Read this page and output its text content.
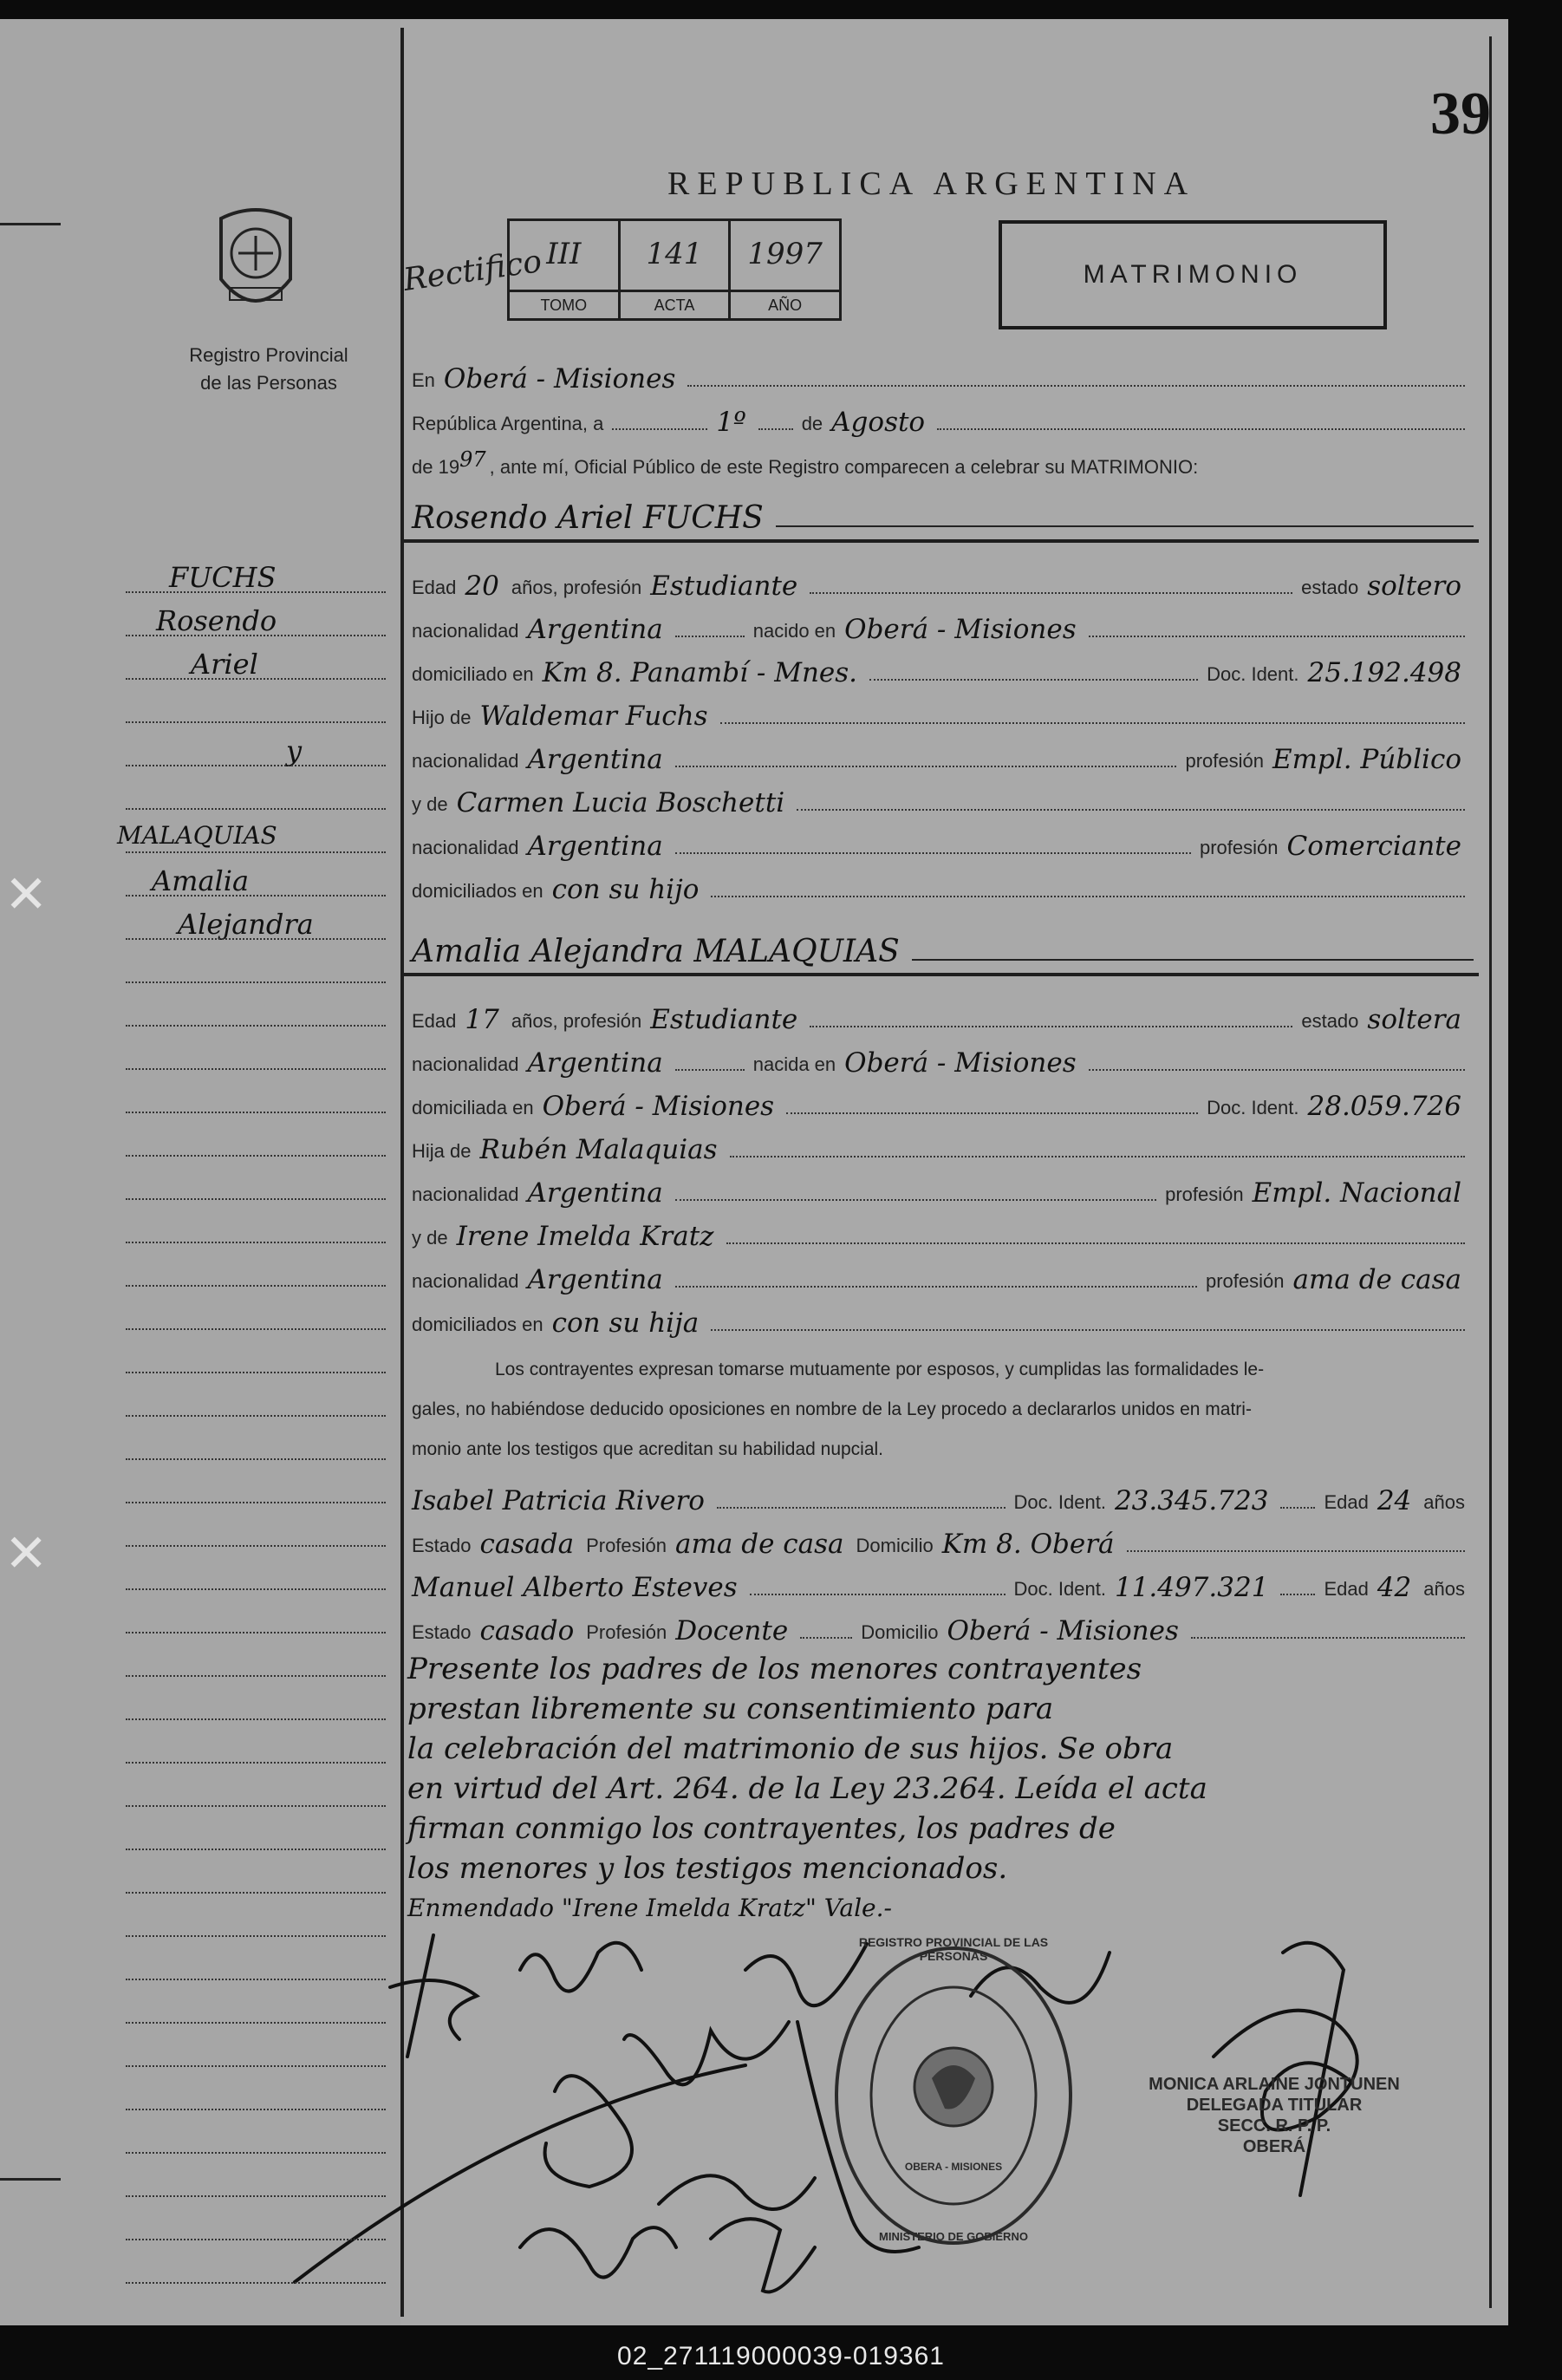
39
REPUBLICA ARGENTINA
Registro Provincial
de las Personas
Rectifico III
TOMO
141
ACTA
1997
AÑO
MATRIMONIO
En Oberá - Misiones
República Argentina, a	1º	de Agosto
de 19 97 , ante mí, Oficial Público de este Registro comparecen a celebrar su MATRIMONIO:
Rosendo Ariel FUCHS
Edad 20 años, profesión Estudiante	estado soltero
nacionalidad Argentina	nacido en Oberá - Misiones
domiciliado en Km 8. Panambí - Mnes.	Doc. Ident. 25.192.498
Hijo de Waldemar Fuchs
nacionalidad Argentina	profesión Empl. Público
y de Carmen Lucia Boschetti
nacionalidad Argentina	profesión Comerciante
domiciliados en con su hijo
Amalia Alejandra MALAQUIAS
Edad 17 años, profesión Estudiante	estado soltera
nacionalidad Argentina	nacida en Oberá - Misiones
domiciliada en Oberá - Misiones	Doc. Ident. 28.059.726
Hija de Rubén Malaquias
nacionalidad Argentina	profesión Empl. Nacional
y de Irene Imelda Kratz
nacionalidad Argentina	profesión ama de casa
domiciliados en con su hija
Los contrayentes expresan tomarse mutuamente por esposos, y cumplidas las formalidades le-
gales, no habiéndose deducido oposiciones en nombre de la Ley procedo a declararlos unidos en matri-
monio ante los testigos que acreditan su habilidad nupcial.
Isabel Patricia Rivero	Doc. Ident. 23.345.723	Edad 24 años
Estado casada Profesión ama de casa Domicilio Km 8. Oberá
Manuel Alberto Esteves	Doc. Ident. 11.497.321	Edad 42 años
Estado casado Profesión Docente	Domicilio Oberá - Misiones
Presente los padres de los menores contrayentes
prestan libremente su consentimiento para
la celebración del matrimonio de sus hijos. Se obra
en virtud del Art. 264. de la Ley 23.264. Leída el acta
firman conmigo los contrayentes, los padres de
los menores y los testigos mencionados.
Enmendado "Irene Imelda Kratz" Vale.-
REGISTRO PROVINCIAL DE LAS PERSONAS
OBERA - MISIONES
MINISTERIO DE GOBIERNO
MONICA ARLAINE JONTUNEN
DELEGADA TITULAR
SECC. R. P. P.
OBERÁ
FUCHS
Rosendo
Ariel
y
MALAQUIAS
Amalia
Alejandra
✕
✕
02_271119000039-019361
